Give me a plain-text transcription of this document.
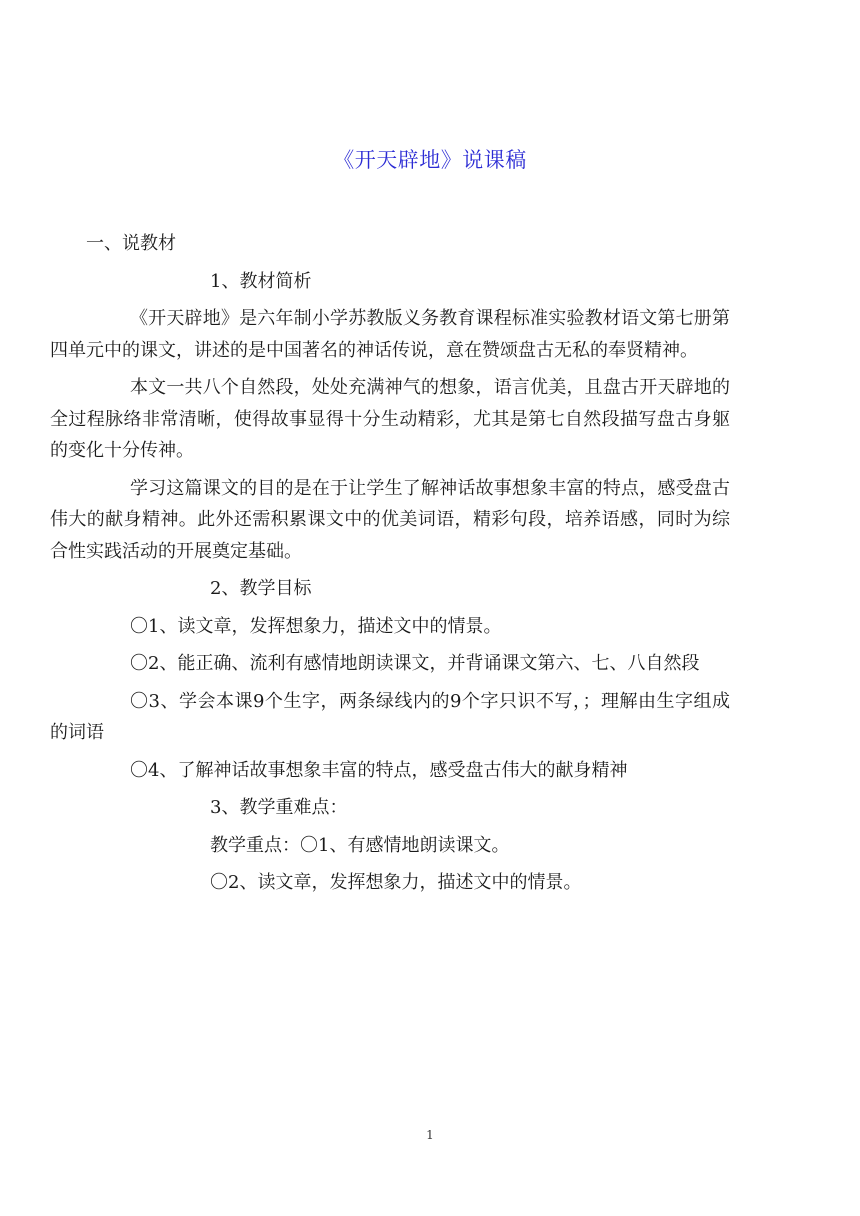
《开天辟地》说课稿

一、说教材

1、教材简析

《开天辟地》是六年制小学苏教版义务教育课程标准实验教材语文第七册第四单元中的课文，讲述的是中国著名的神话传说，意在赞颂盘古无私的奉贤精神。

本文一共八个自然段，处处充满神气的想象，语言优美，且盘古开天辟地的全过程脉络非常清晰，使得故事显得十分生动精彩，尤其是第七自然段描写盘古身躯的变化十分传神。

学习这篇课文的目的是在于让学生了解神话故事想象丰富的特点，感受盘古伟大的献身精神。此外还需积累课文中的优美词语，精彩句段，培养语感，同时为综合性实践活动的开展奠定基础。

2、教学目标

〇1、读文章，发挥想象力，描述文中的情景。

〇2、能正确、流利有感情地朗读课文，并背诵课文第六、七、八自然段

〇3、学会本课9个生字，两条绿线内的9个字只识不写，；理解由生字组成的词语

〇4、了解神话故事想象丰富的特点，感受盘古伟大的献身精神

3、教学重难点：

教学重点：〇1、有感情地朗读课文。

〇2、读文章，发挥想象力，描述文中的情景。

1
